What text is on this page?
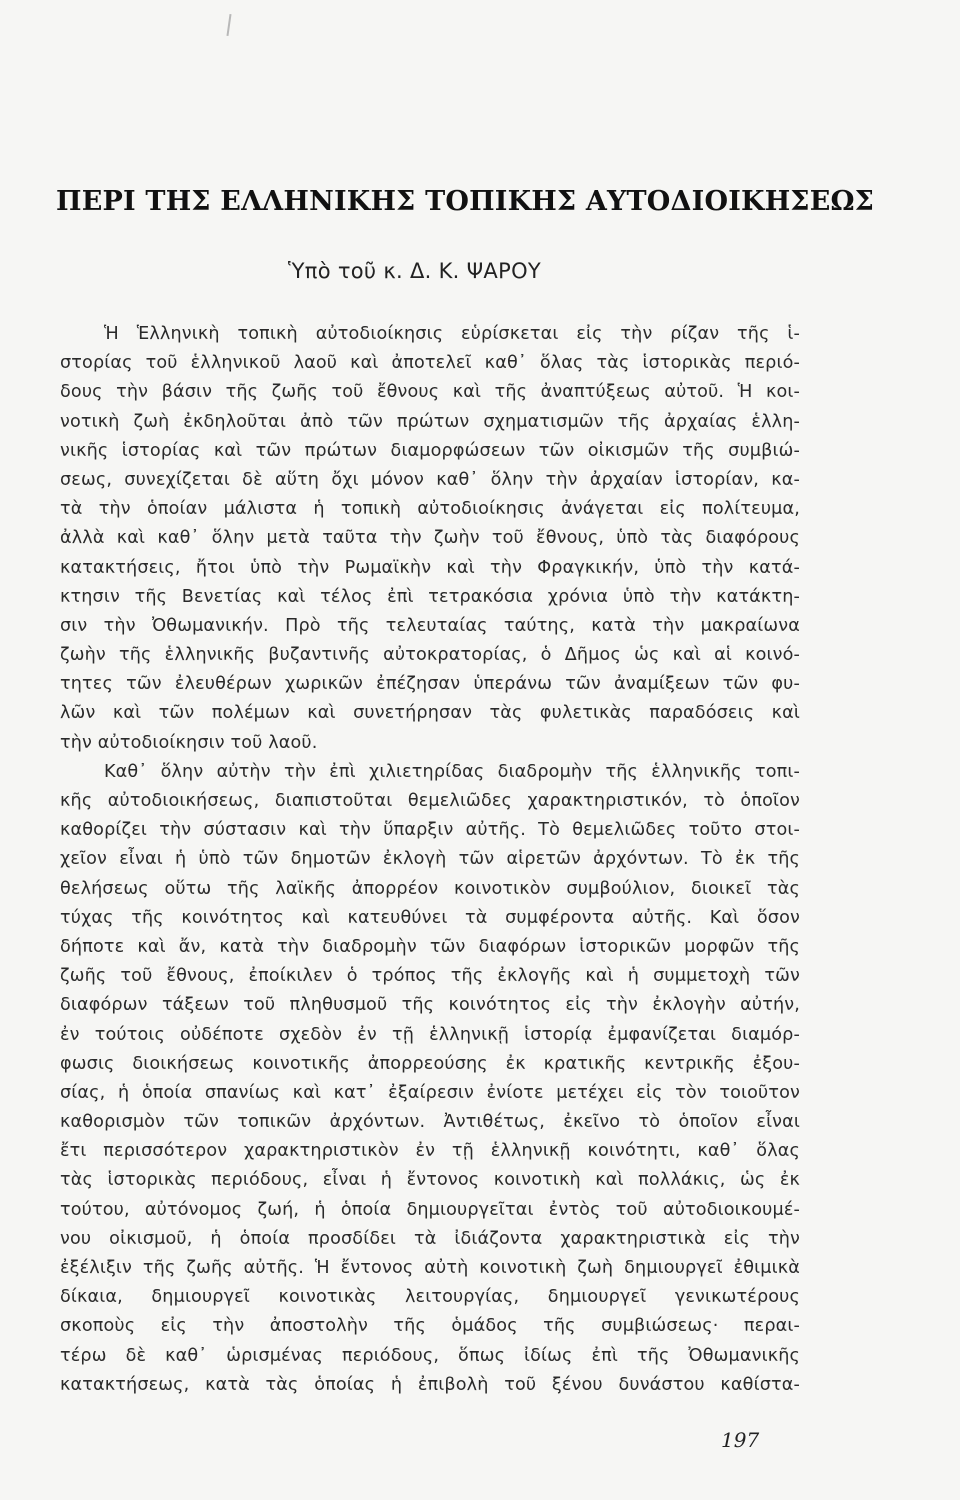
ΠΕΡΙ ΤΗΣ ΕΛΛΗΝΙΚΗΣ ΤΟΠΙΚΗΣ ΑΥΤΟΔΙΟΙΚΗΣΕΩΣ
Ὑπὸ τοῦ κ. Δ. Κ. ΨΑΡΟΥ
Ἡ Ἑλληνικὴ τοπικὴ αὐτοδιοίκησις εὑρίσκεται εἰς τὴν ρίζαν τῆς ἱ-
στορίας τοῦ ἑλληνικοῦ λαοῦ καὶ ἀποτελεῖ καθ᾽ ὅλας τὰς ἱστορικὰς περιό-
δους τὴν βάσιν τῆς ζωῆς τοῦ ἔθνους καὶ τῆς ἀναπτύξεως αὐτοῦ. Ἡ κοι-
νοτικὴ ζωὴ ἐκδηλοῦται ἀπὸ τῶν πρώτων σχηματισμῶν τῆς ἀρχαίας ἑλλη-
νικῆς ἱστορίας καὶ τῶν πρώτων διαμορφώσεων τῶν οἰκισμῶν τῆς συμβιώ-
σεως, συνεχίζεται δὲ αὕτη ὄχι μόνον καθ᾽ ὅλην τὴν ἀρχαίαν ἱστορίαν, κα-
τὰ τὴν ὁποίαν μάλιστα ἡ τοπικὴ αὐτοδιοίκησις ἀνάγεται εἰς πολίτευμα,
ἀλλὰ καὶ καθ᾽ ὅλην μετὰ ταῦτα τὴν ζωὴν τοῦ ἔθνους, ὑπὸ τὰς διαφόρους
κατακτήσεις, ἤτοι ὑπὸ τὴν Ρωμαϊκὴν καὶ τὴν Φραγκικήν, ὑπὸ τὴν κατά-
κτησιν τῆς Βενετίας καὶ τέλος ἐπὶ τετρακόσια χρόνια ὑπὸ τὴν κατάκτη-
σιν τὴν Ὀθωμανικήν. Πρὸ τῆς τελευταίας ταύτης, κατὰ τὴν μακραίωνα
ζωὴν τῆς ἑλληνικῆς βυζαντινῆς αὐτοκρατορίας, ὁ Δῆμος ὡς καὶ αἱ κοινό-
τητες τῶν ἐλευθέρων χωρικῶν ἐπέζησαν ὑπεράνω τῶν ἀναμίξεων τῶν φυ-
λῶν καὶ τῶν πολέμων καὶ συνετήρησαν τὰς φυλετικὰς παραδόσεις καὶ
τὴν αὐτοδιοίκησιν τοῦ λαοῦ.
Καθ᾽ ὅλην αὐτὴν τὴν ἐπὶ χιλιετηρίδας διαδρομὴν τῆς ἑλληνικῆς τοπι-
κῆς αὐτοδιοικήσεως, διαπιστοῦται θεμελιῶδες χαρακτηριστικόν, τὸ ὁποῖον
καθορίζει τὴν σύστασιν καὶ τὴν ὕπαρξιν αὐτῆς. Τὸ θεμελιῶδες τοῦτο στοι-
χεῖον εἶναι ἡ ὑπὸ τῶν δημοτῶν ἐκλογὴ τῶν αἱρετῶν ἀρχόντων. Τὸ ἐκ τῆς
θελήσεως οὕτω τῆς λαϊκῆς ἀπορρέον κοινοτικὸν συμβούλιον, διοικεῖ τὰς
τύχας τῆς κοινότητος καὶ κατευθύνει τὰ συμφέροντα αὐτῆς. Καὶ ὅσον
δήποτε καὶ ἄν, κατὰ τὴν διαδρομὴν τῶν διαφόρων ἱστορικῶν μορφῶν τῆς
ζωῆς τοῦ ἔθνους, ἐποίκιλεν ὁ τρόπος τῆς ἐκλογῆς καὶ ἡ συμμετοχὴ τῶν
διαφόρων τάξεων τοῦ πληθυσμοῦ τῆς κοινότητος εἰς τὴν ἐκλογὴν αὐτήν,
ἐν τούτοις οὐδέποτε σχεδὸν ἐν τῇ ἑλληνικῇ ἱστορίᾳ ἐμφανίζεται διαμόρ-
φωσις διοικήσεως κοινοτικῆς ἀπορρεούσης ἐκ κρατικῆς κεντρικῆς ἐξου-
σίας, ἡ ὁποία σπανίως καὶ κατ᾽ ἐξαίρεσιν ἐνίοτε μετέχει εἰς τὸν τοιοῦτον
καθορισμὸν τῶν τοπικῶν ἀρχόντων. Ἀντιθέτως, ἐκεῖνο τὸ ὁποῖον εἶναι
ἔτι περισσότερον χαρακτηριστικὸν ἐν τῇ ἑλληνικῇ κοινότητι, καθ᾽ ὅλας
τὰς ἱστορικὰς περιόδους, εἶναι ἡ ἔντονος κοινοτικὴ καὶ πολλάκις, ὡς ἐκ
τούτου, αὐτόνομος ζωή, ἡ ὁποία δημιουργεῖται ἐντὸς τοῦ αὐτοδιοικουμέ-
νου οἰκισμοῦ, ἡ ὁποία προσδίδει τὰ ἰδιάζοντα χαρακτηριστικὰ εἰς τὴν
ἐξέλιξιν τῆς ζωῆς αὐτῆς. Ἡ ἔντονος αὐτὴ κοινοτικὴ ζωὴ δημιουργεῖ ἐθιμικὰ
δίκαια, δημιουργεῖ κοινοτικὰς λειτουργίας, δημιουργεῖ γενικωτέρους
σκοποὺς εἰς τὴν ἀποστολὴν τῆς ὁμάδος τῆς συμβιώσεως· περαι-
τέρω δὲ καθ᾽ ὡρισμένας περιόδους, ὅπως ἰδίως ἐπὶ τῆς Ὀθωμανικῆς
κατακτήσεως, κατὰ τὰς ὁποίας ἡ ἐπιβολὴ τοῦ ξένου δυνάστου καθίστα-
197
